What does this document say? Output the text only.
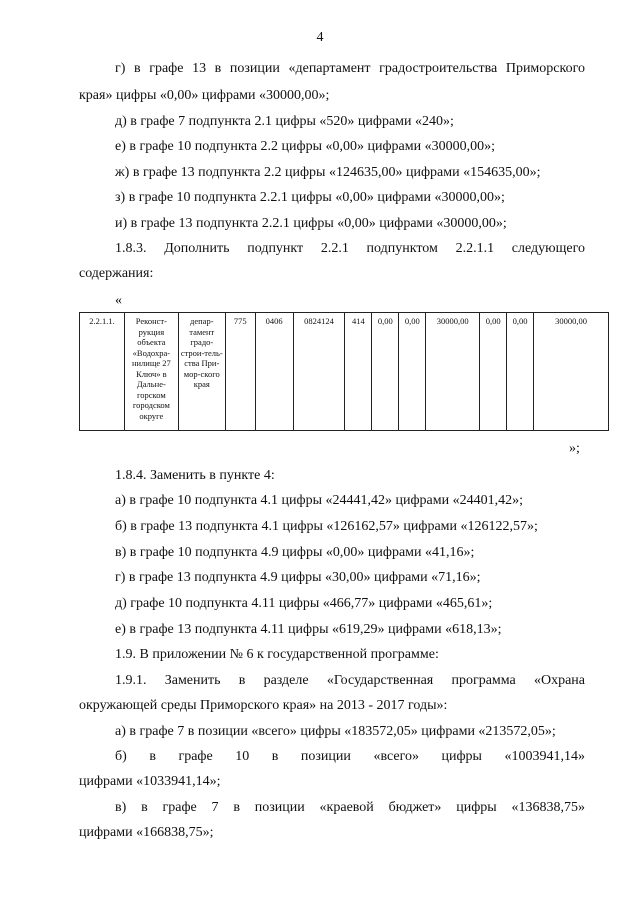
4
г) в графе 13 в позиции «департамент градостроительства Приморского
края» цифры «0,00» цифрами «30000,00»;
д) в графе 7 подпункта 2.1 цифры «520» цифрами «240»;
е) в графе 10 подпункта 2.2 цифры «0,00» цифрами «30000,00»;
ж) в графе 13 подпункта 2.2 цифры «124635,00» цифрами «154635,00»;
з) в графе 10 подпункта 2.2.1 цифры «0,00» цифрами «30000,00»;
и) в графе 13 подпункта 2.2.1 цифры «0,00» цифрами «30000,00»;
1.8.3. Дополнить подпункт 2.2.1 подпунктом 2.2.1.1 следующего
содержания:
«
2.2.1.1.	Реконст-рукция объекта «Водохра-нилище 27 Ключ» в Дальне-горском городском округе	депар-тамент градо-строи-тель-ства При-мор-ского края	775	0406	0824124	414	0,00	0,00	30000,00	0,00	0,00	30000,00
»;
1.8.4. Заменить в пункте 4:
а) в графе 10 подпункта 4.1 цифры «24441,42» цифрами «24401,42»;
б) в графе 13 подпункта 4.1 цифры «126162,57» цифрами «126122,57»;
в) в графе 10 подпункта 4.9 цифры «0,00» цифрами «41,16»;
г) в графе 13 подпункта 4.9 цифры «30,00» цифрами «71,16»;
д) графе 10 подпункта 4.11 цифры «466,77» цифрами «465,61»;
е) в графе 13 подпункта 4.11 цифры «619,29» цифрами «618,13»;
1.9. В приложении № 6 к государственной программе:
1.9.1. Заменить в разделе «Государственная программа «Охрана
окружающей среды Приморского края» на 2013 - 2017 годы»:
а) в графе 7 в позиции «всего» цифры «183572,05» цифрами «213572,05»;
б) в графе 10 в позиции «всего» цифры «1003941,14»
цифрами «1033941,14»;
в) в графе 7 в позиции «краевой бюджет» цифры «136838,75»
цифрами «166838,75»;
